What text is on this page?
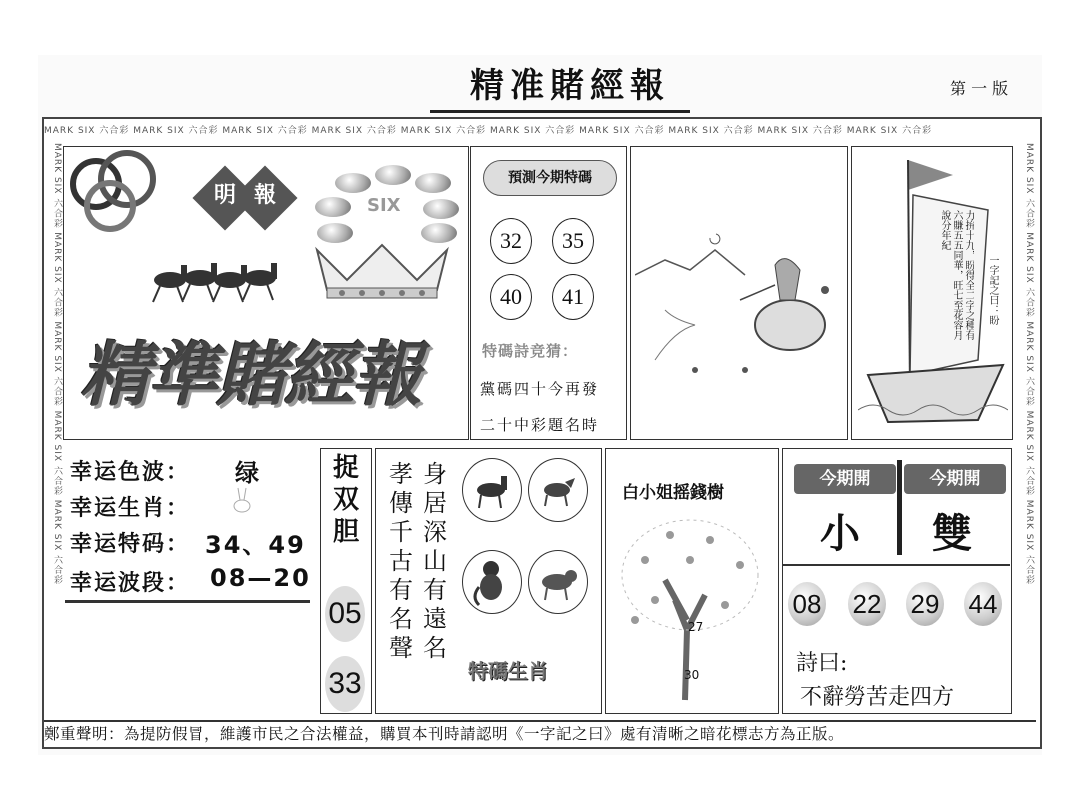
精准賭經報	第 一 版
MARK SIX 六合彩 MARK SIX 六合彩 MARK SIX 六合彩 MARK SIX 六合彩 MARK SIX 六合彩 MARK SIX 六合彩 MARK SIX 六合彩 MARK SIX 六合彩 MARK SIX 六合彩 MARK SIX 六合彩
MARK SIX 六合彩 MARK SIX 六合彩 MARK SIX 六合彩 MARK SIX 六合彩 MARK SIX 六合彩	MARK SIX 六合彩 MARK SIX 六合彩 MARK SIX 六合彩 MARK SIX 六合彩 MARK SIX 六合彩
明 報	SIX
精準賭經報
預測今期特碼
32	35
40	41
特碼詩竞猜：
黨碼四十今再發
二十中彩題名時
力拚十九，盼得全二字之種有六賺五五同華，旺七至花容月說分年紀
一字記之曰：盼
幸运色波： 绿
幸运生肖：
幸运特码： 34、49
幸运波段： 08—20
捉
双
胆
05
33
孝
傳
千
古
有
名
聲
身
居
深
山
有
遠
名
特碼生肖
白小姐摇錢樹
27
30
今期開	今期開
小 雙
08 22 29 44
詩曰:
不辭勞苦走四方
鄭重聲明：為提防假冒，維護市民之合法權益，購買本刊時請認明《一字記之曰》處有清晰之暗花標志方為正版。
